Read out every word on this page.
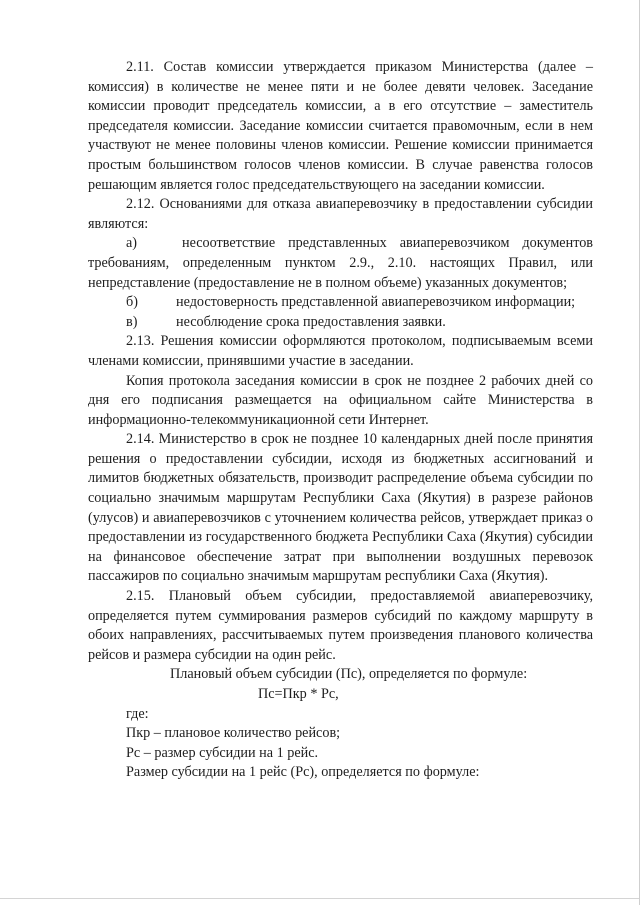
2.11. Состав комиссии утверждается приказом Министерства (далее – комиссия) в количестве не менее пяти и не более девяти человек. Заседание комиссии проводит председатель комиссии, а в его отсутствие – заместитель председателя комиссии. Заседание комиссии считается правомочным, если в нем участвуют не менее половины членов комиссии. Решение комиссии принимается простым большинством голосов членов комиссии. В случае равенства голосов решающим является голос председательствующего на заседании комиссии.

2.12. Основаниями для отказа авиаперевозчику в предоставлении субсидии являются:

а)	несоответствие представленных авиаперевозчиком документов требованиям, определенным пунктом 2.9., 2.10. настоящих Правил, или непредставление (предоставление не в полном объеме) указанных документов;

б)	недостоверность представленной авиаперевозчиком информации;
в)	несоблюдение срока предоставления заявки.

2.13. Решения комиссии оформляются протоколом, подписываемым всеми членами комиссии, принявшими участие в заседании.

Копия протокола заседания комиссии в срок не позднее 2 рабочих дней со дня его подписания размещается на официальном сайте Министерства в информационно-телекоммуникационной сети Интернет.

2.14. Министерство в срок не позднее 10 календарных дней после принятия решения о предоставлении субсидии, исходя из бюджетных ассигнований и лимитов бюджетных обязательств, производит распределение объема субсидии по социально значимым маршрутам Республики Саха (Якутия) в разрезе районов (улусов) и авиаперевозчиков с уточнением количества рейсов, утверждает приказ о предоставлении из государственного бюджета Республики Саха (Якутия) субсидии на финансовое обеспечение затрат при выполнении воздушных перевозок пассажиров по социально значимым маршрутам республики Саха (Якутия).

2.15. Плановый объем субсидии, предоставляемой авиаперевозчику, определяется путем суммирования размеров субсидий по каждому маршруту в обоих направлениях, рассчитываемых путем произведения планового количества рейсов и размера субсидии на один рейс.

Плановый объем субсидии (Пс), определяется по формуле:

Пс=Пкр * Рс,

где:

Пкр – плановое количество рейсов;

Рс – размер субсидии на 1 рейс.

Размер субсидии на 1 рейс (Рс), определяется по формуле:
